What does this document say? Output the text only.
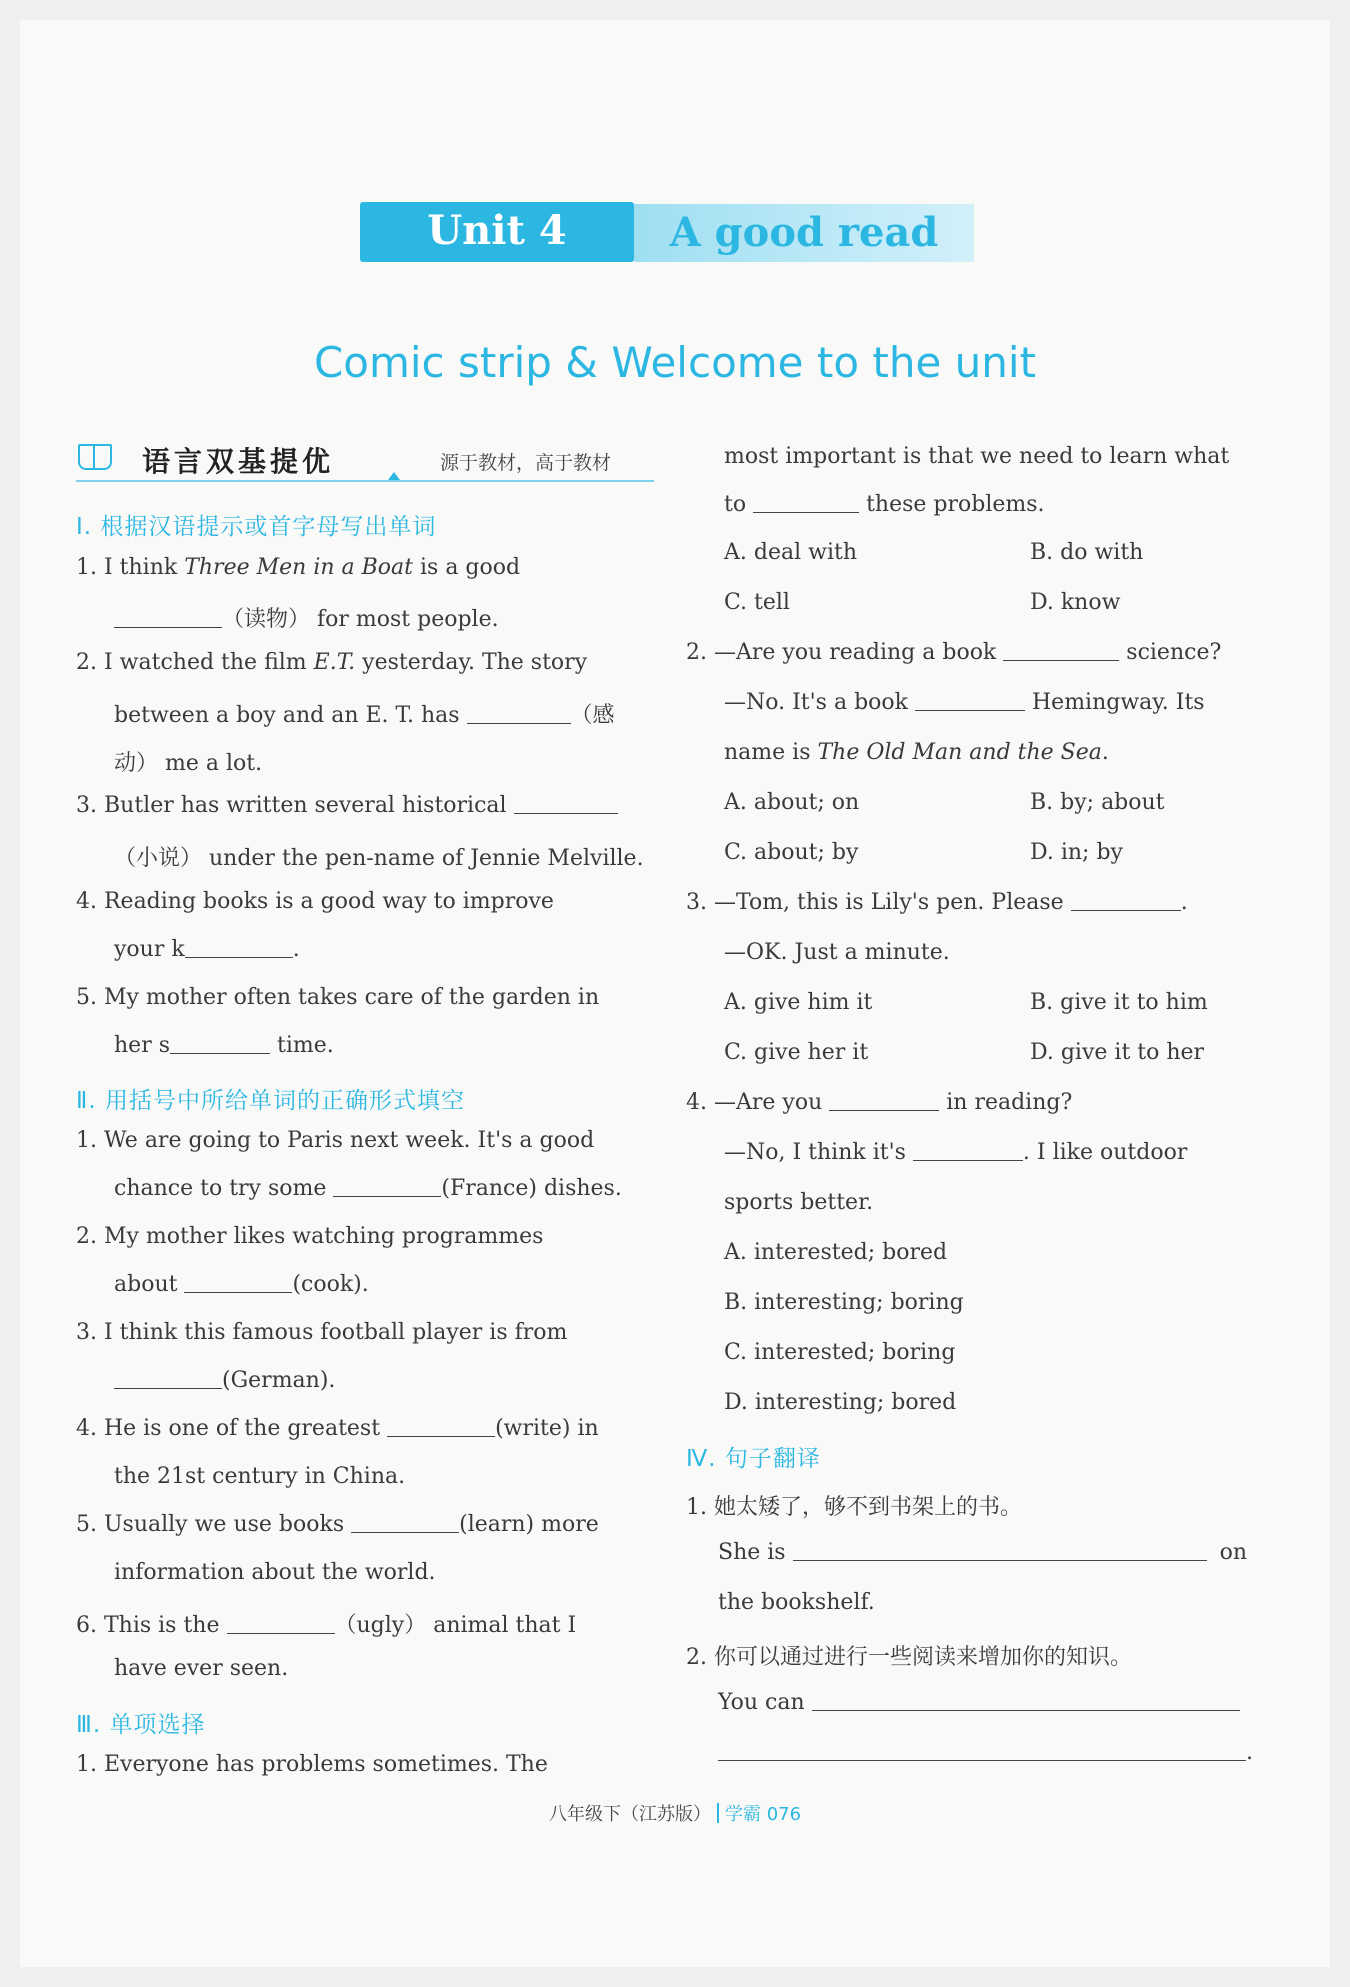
Unit 4	A good read
Comic strip & Welcome to the unit
语言双基提优	源于教材，高于教材
Ⅰ. 根据汉语提示或首字母写出单词
1. I think Three Men in a Boat is a good
（读物） for most people.
2. I watched the film E.T. yesterday. The story
between a boy and an E. T. has	（感
动） me a lot.
3. Butler has written several historical
（小说） under the pen-name of Jennie Melville.
4. Reading books is a good way to improve
your k	.
5. My mother often takes care of the garden in
her s	time.
Ⅱ. 用括号中所给单词的正确形式填空
1. We are going to Paris next week. It's a good
chance to try some	(France) dishes.
2. My mother likes watching programmes
about	(cook).
3. I think this famous football player is from
(German).
4. He is one of the greatest	(write) in
the 21st century in China.
5. Usually we use books	(learn) more
information about the world.
6. This is the	（ugly） animal that I
have ever seen.
Ⅲ. 单项选择
1. Everyone has problems sometimes. The
most important is that we need to learn what
to	these problems.
A. deal with	B. do with
C. tell	D. know
2. —Are you reading a book	science?
—No. It's a book	Hemingway. Its
name is The Old Man and the Sea.
A. about; on	B. by; about
C. about; by	D. in; by
3. —Tom, this is Lily's pen. Please	.
—OK. Just a minute.
A. give him it	B. give it to him
C. give her it	D. give it to her
4. —Are you	in reading?
—No, I think it's	. I like outdoor
sports better.
A. interested; bored
B. interesting; boring
C. interested; boring
D. interesting; bored
Ⅳ. 句子翻译
1. 她太矮了，够不到书架上的书。
She is	on
the bookshelf.
2. 你可以通过进行一些阅读来增加你的知识。
You can
.
八年级下（江苏版） 学霸 076
